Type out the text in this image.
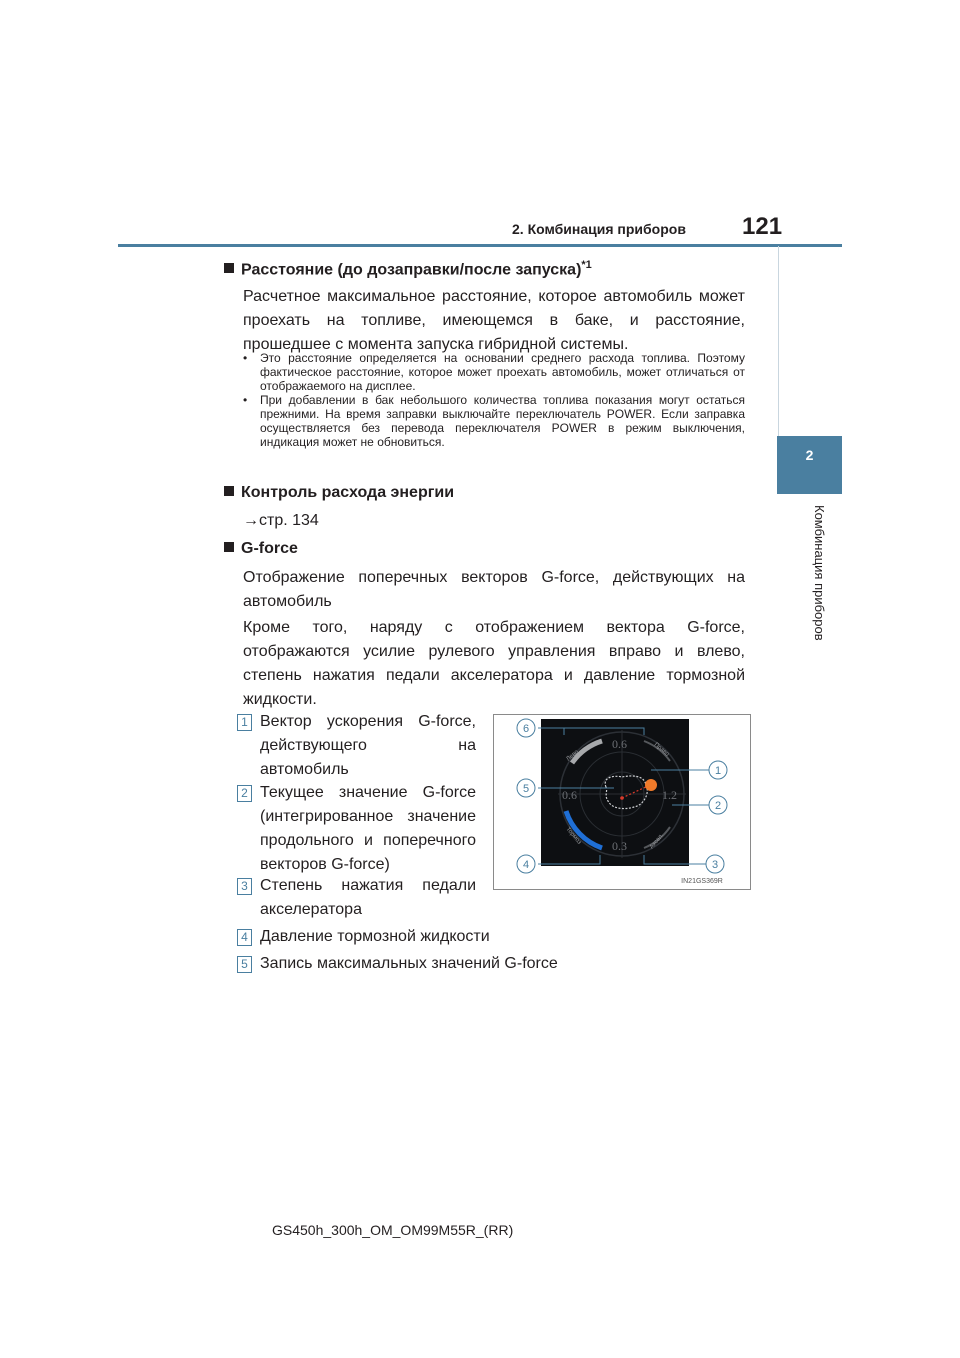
2. Комбинация приборов 121
2
Комбинация приборов
Расстояние (до дозаправки/после запуска)$^{*1}$
Расчетное максимальное расстояние, которое автомобиль может проехать на топливе, имеющемся в баке, и расстояние, прошедшее с момента запуска гибридной системы.
•	Это расстояние определяется на основании среднего расхода топлива. Поэтому фактическое расстояние, которое может проехать автомобиль, может отличаться от отображаемого на дисплее.
•	При добавлении в бак небольшого количества топлива показания могут остаться прежними. На время заправки выключайте переключатель POWER. Если заправка осуществляется без перевода переключателя POWER в режим выключения, индикация может не обновиться.
Контроль расхода энергии
→стр. 134
G-force
Отображение поперечных векторов G-force, действующих на автомобиль
Кроме того, наряду с отображением вектора G-force, отображаются усилие рулевого управления вправо и влево, степень нажатия педали акселератора и давление тормозной жидкости.
1 Вектор ускорения G-force, действующего на автомобиль
2 Текущее значение G-force (интегрированное значение продольного и поперечного векторов G-force)
3 Степень нажатия педали акселератора
4 Давление тормозной жидкости
5 Запись максимальных значений G-force
0.6
0.6	1.2
0.3
Лево	Право
Тормоз	Аксел.
6
5
1
2
4	3
IN21GS369R
GS450h_300h_OM_OM99M55R_(RR)
